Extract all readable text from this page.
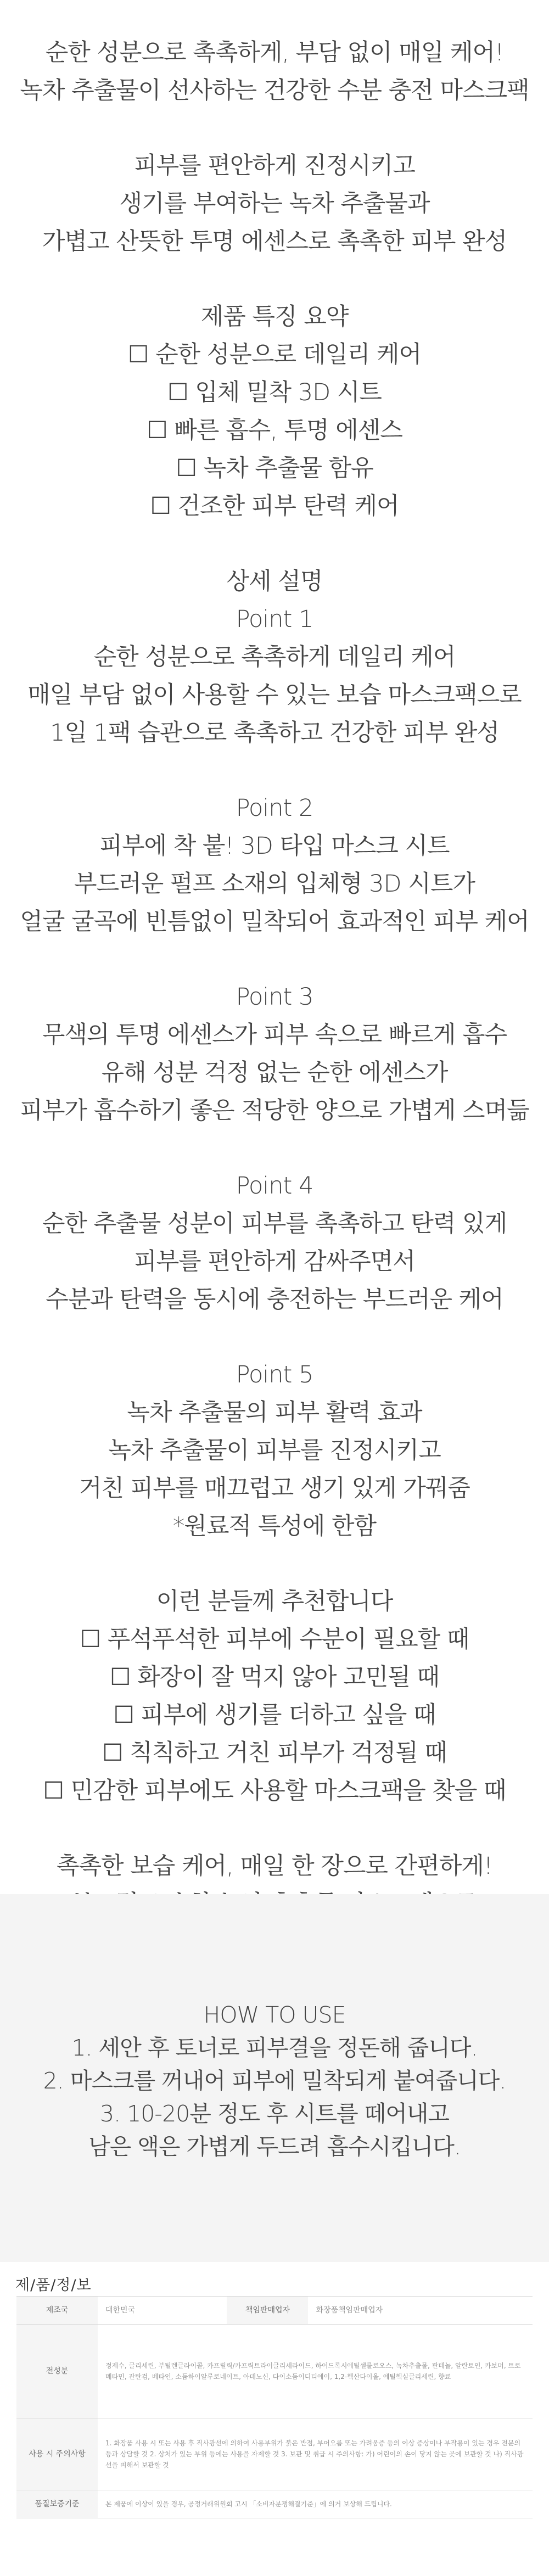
순한 성분으로 촉촉하게, 부담 없이 매일 케어!
녹차 추출물이 선사하는 건강한 수분 충전 마스크팩
피부를 편안하게 진정시키고
생기를 부여하는 녹차 추출물과
가볍고 산뜻한 투명 에센스로 촉촉한 피부 완성
제품 특징 요약
☐ 순한 성분으로 데일리 케어
☐ 입체 밀착 3D 시트
☐ 빠른 흡수, 투명 에센스
☐ 녹차 추출물 함유
☐ 건조한 피부 탄력 케어
상세 설명
Point 1
순한 성분으로 촉촉하게 데일리 케어
매일 부담 없이 사용할 수 있는 보습 마스크팩으로
1일 1팩 습관으로 촉촉하고 건강한 피부 완성
Point 2
피부에 착 붙! 3D 타입 마스크 시트
부드러운 펄프 소재의 입체형 3D 시트가
얼굴 굴곡에 빈틈없이 밀착되어 효과적인 피부 케어
Point 3
무색의 투명 에센스가 피부 속으로 빠르게 흡수
유해 성분 걱정 없는 순한 에센스가
피부가 흡수하기 좋은 적당한 양으로 가볍게 스며듦
Point 4
순한 추출물 성분이 피부를 촉촉하고 탄력 있게
피부를 편안하게 감싸주면서
수분과 탄력을 동시에 충전하는 부드러운 케어
Point 5
녹차 추출물의 피부 활력 효과
녹차 추출물이 피부를 진정시키고
거친 피부를 매끄럽고 생기 있게 가꿔줌
*원료적 특성에 한함
이런 분들께 추천합니다
☐ 푸석푸석한 피부에 수분이 필요할 때
☐ 화장이 잘 먹지 않아 고민될 때
☐ 피부에 생기를 더하고 싶을 때
☐ 칙칙하고 거친 피부가 걱정될 때
☐ 민감한 피부에도 사용할 마스크팩을 찾을 때
촉촉한 보습 케어, 매일 한 장으로 간편하게!
HOW TO USE
1. 세안 후 토너로 피부결을 정돈해 줍니다.
2. 마스크를 꺼내어 피부에 밀착되게 붙여줍니다.
3. 10-20분 정도 후 시트를 떼어내고
남은 액은 가볍게 두드려 흡수시킵니다.
제/품/정/보
제조국	대한민국	책임판매업자	화장품책임판매업자
전성분	정제수, 글리세린, 부틸렌글라이콜, 카프릴릭/카프릭트라이글리세라이드, 하이드록시에틸셀룰로오스, 녹차추출물, 판테놀, 알란토인, 카보머, 트로메타민, 잔탄검, 베타인, 소듐하이알루로네이트, 아데노신, 다이소듐이디티에이, 1,2-헥산다이올, 에틸헥실글리세린, 향료		
사용 시 주의사항	1. 화장품 사용 시 또는 사용 후 직사광선에 의하여 사용부위가 붉은 반점, 부어오름 또는 가려움증 등의 이상 증상이나 부작용이 있는 경우 전문의 등과 상담할 것 2. 상처가 있는 부위 등에는 사용을 자제할 것 3. 보관 및 취급 시 주의사항: 가) 어린이의 손이 닿지 않는 곳에 보관할 것 나) 직사광선을 피해서 보관할 것		
품질보증기준	본 제품에 이상이 있을 경우, 공정거래위원회 고시 「소비자분쟁해결기준」에 의거 보상해 드립니다.		
